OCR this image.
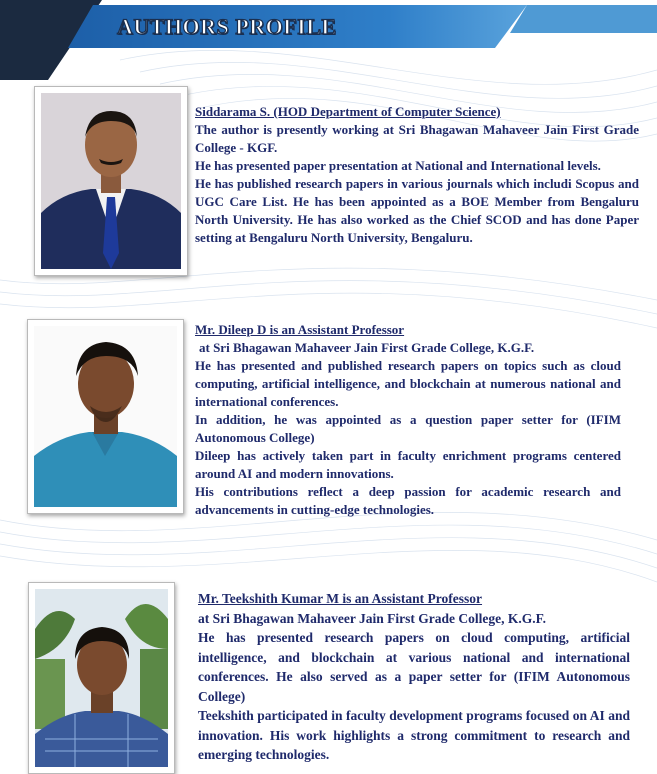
AUTHORS PROFILE

Siddarama S. (HOD Department of Computer Science)

The author is presently working at Sri Bhagawan Mahaveer Jain First Grade College - KGF.

He has presented paper presentation at National and International levels.

He has published research papers in various journals which includi Scopus and UGC Care List. He has been appointed as a BOE Member from Bengaluru North University. He has also worked as the Chief SCOD and has done Paper setting at Bengaluru North University, Bengaluru.

Mr. Dileep D is an Assistant Professor

at Sri Bhagawan Mahaveer Jain First Grade College, K.G.F.

He has presented and published research papers on topics such as cloud computing, artificial intelligence, and blockchain at numerous national and international conferences.

In addition, he was appointed as a question paper setter for (IFIM Autonomous College)

Dileep has actively taken part in faculty enrichment programs centered around AI and modern innovations.

His contributions reflect a deep passion for academic research and advancements in cutting-edge technologies.

Mr. Teekshith Kumar M is an Assistant Professor

at Sri Bhagawan Mahaveer Jain First Grade College, K.G.F.

He has presented research papers on cloud computing, artificial intelligence, and blockchain at various national and international conferences. He also served as a paper setter for (IFIM Autonomous College)

Teekshith participated in faculty development programs focused on AI and innovation. His work highlights a strong commitment to research and emerging technologies.
